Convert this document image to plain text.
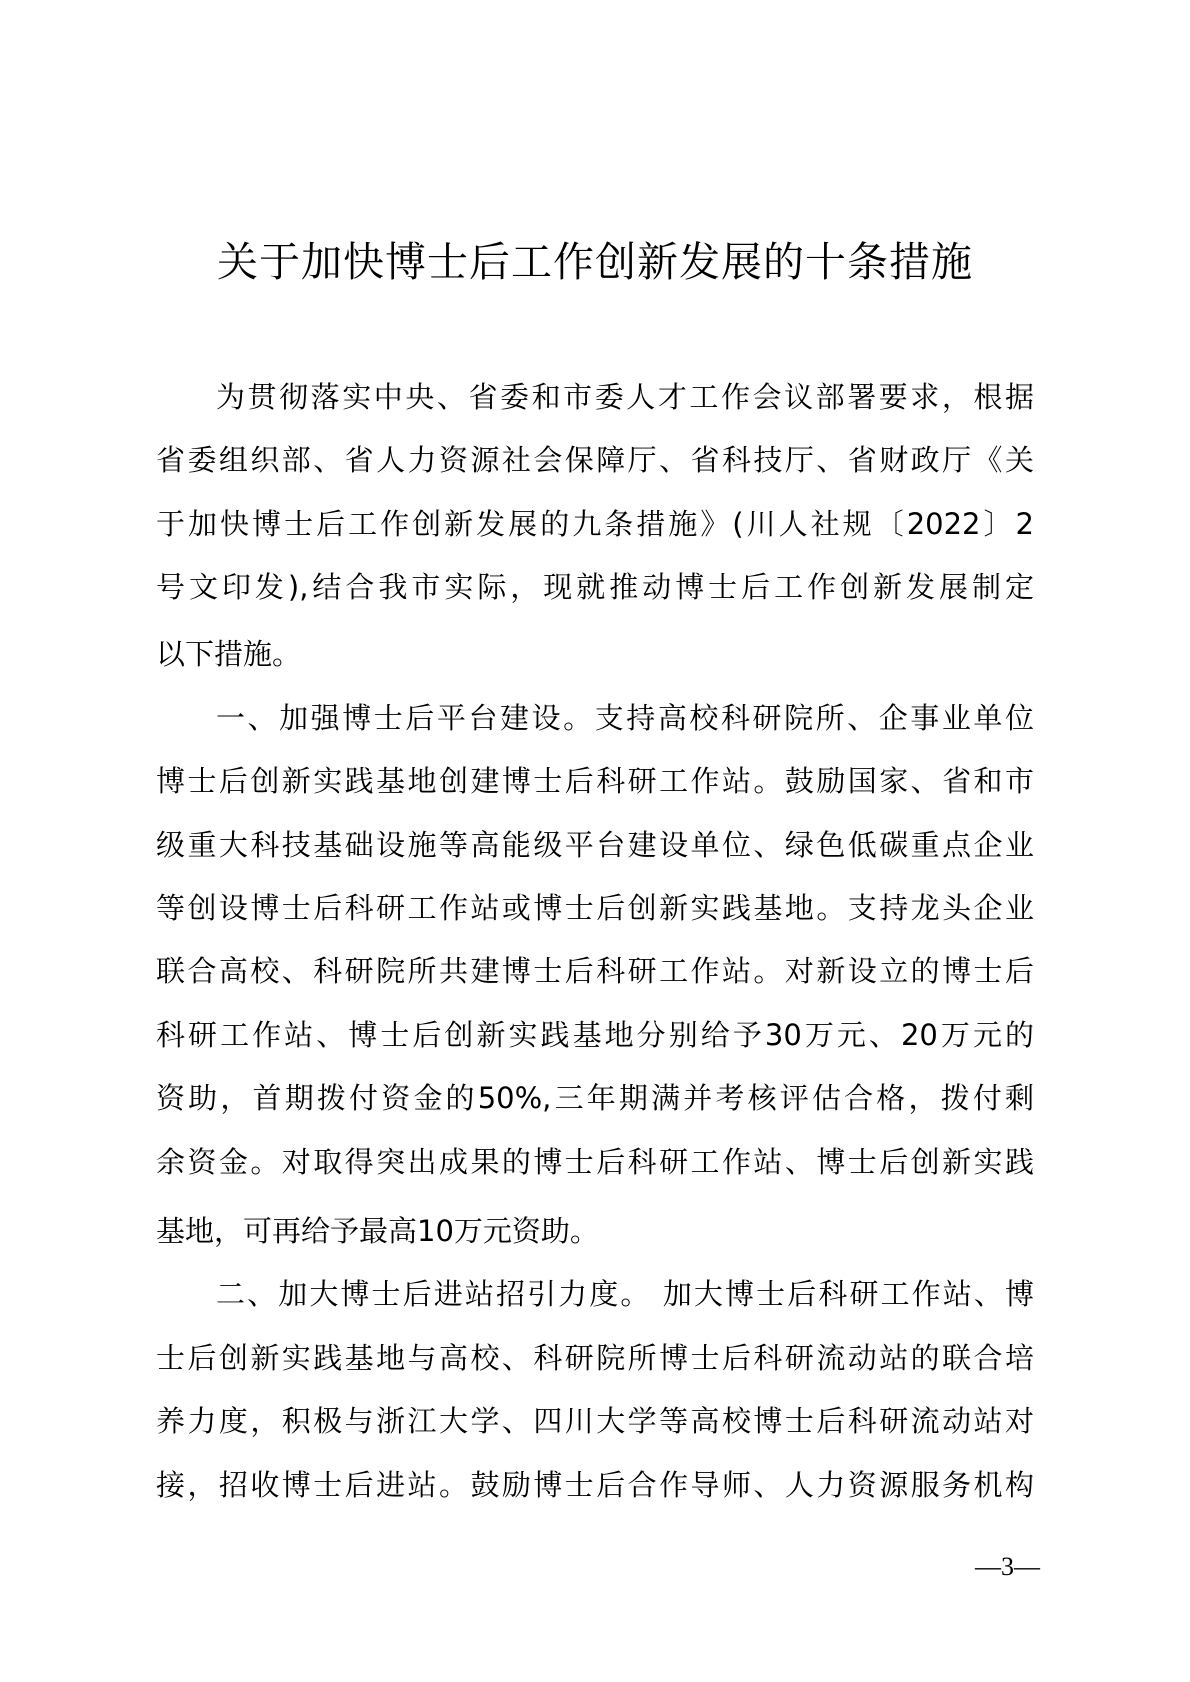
关于加快博士后工作创新发展的十条措施
为贯彻落实中央、省委和市委人才工作会议部署要求，根据
省委组织部、省人力资源社会保障厅、省科技厅、省财政厅《关
于加快博士后工作创新发展的九条措施》(川人社规〔2022〕2
号文印发),结合我市实际，现就推动博士后工作创新发展制定
以下措施。
一、加强博士后平台建设。支持高校科研院所、企事业单位
博士后创新实践基地创建博士后科研工作站。鼓励国家、省和市
级重大科技基础设施等高能级平台建设单位、绿色低碳重点企业
等创设博士后科研工作站或博士后创新实践基地。支持龙头企业
联合高校、科研院所共建博士后科研工作站。对新设立的博士后
科研工作站、博士后创新实践基地分别给予30万元、20万元的
资助，首期拨付资金的50%,三年期满并考核评估合格，拨付剩
余资金。对取得突出成果的博士后科研工作站、博士后创新实践
基地，可再给予最高10万元资助。
二、加大博士后进站招引力度。 加大博士后科研工作站、博
士后创新实践基地与高校、科研院所博士后科研流动站的联合培
养力度，积极与浙江大学、四川大学等高校博士后科研流动站对
接，招收博士后进站。鼓励博士后合作导师、人力资源服务机构
—3—
